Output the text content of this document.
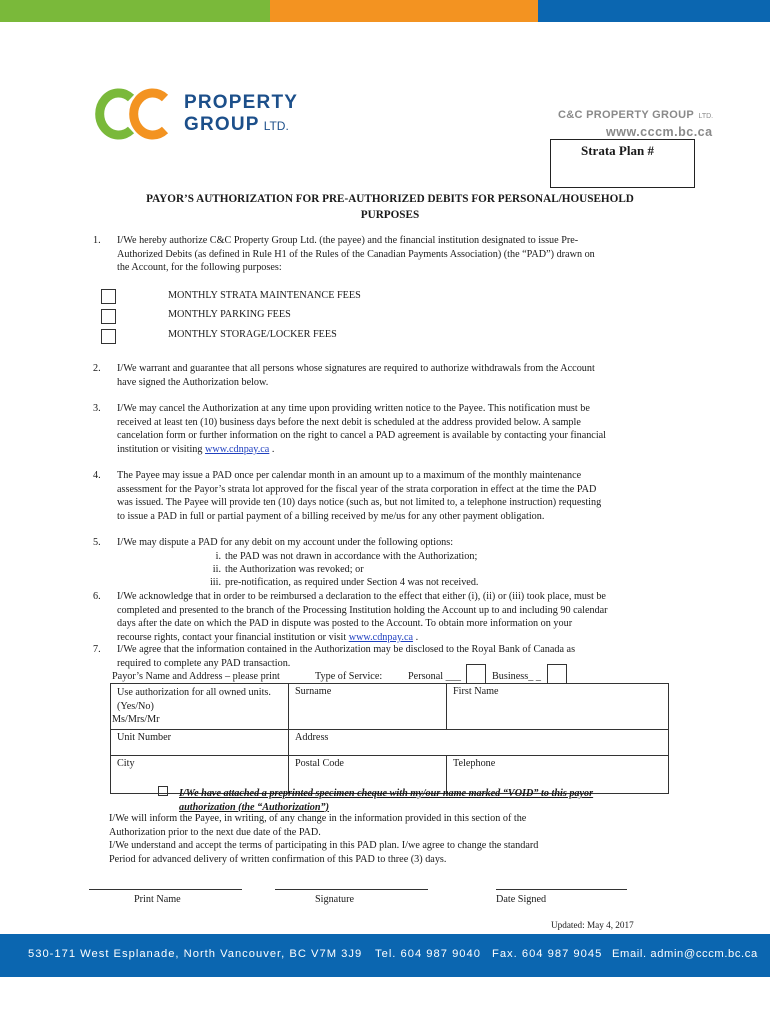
PROPERTY
GROUP LTD.
C&C PROPERTY GROUP LTD.
www.cccm.bc.ca
Strata Plan #
PAYOR’S AUTHORIZATION FOR PRE-AUTHORIZED DEBITS FOR PERSONAL/HOUSEHOLD
PURPOSES
1.	I/We hereby authorize C&C Property Group Ltd. (the payee) and the financial institution designated to issue Pre-
Authorized Debits (as defined in Rule H1 of the Rules of the Canadian Payments Association) (the “PAD”) drawn on
the Account, for the following purposes:
MONTHLY STRATA MAINTENANCE FEES
MONTHLY PARKING FEES
MONTHLY STORAGE/LOCKER FEES
2.	I/We warrant and guarantee that all persons whose signatures are required to authorize withdrawals from the Account
have signed the Authorization below.
3.	I/We may cancel the Authorization at any time upon providing written notice to the Payee. This notification must be
received at least ten (10) business days before the next debit is scheduled at the address provided below. A sample
cancelation form or further information on the right to cancel a PAD agreement is available by contacting your financial
institution or visiting www.cdnpay.ca .
4.	The Payee may issue a PAD once per calendar month in an amount up to a maximum of the monthly maintenance
assessment for the Payor’s strata lot approved for the fiscal year of the strata corporation in effect at the time the PAD
was issued. The Payee will provide ten (10) days notice (such as, but not limited to, a telephone instruction) requesting
to issue a PAD in full or partial payment of a billing received by me/us for any other payment obligation.
5.	I/We may dispute a PAD for any debit on my account under the following options:
i. the PAD was not drawn in accordance with the Authorization;
ii. the Authorization was revoked; or
iii. pre-notification, as required under Section 4 was not received.
6.	I/We acknowledge that in order to be reimbursed a declaration to the effect that either (i), (ii) or (iii) took place, must be
completed and presented to the branch of the Processing Institution holding the Account up to and including 90 calendar
days after the date on which the PAD in dispute was posted to the Account. To obtain more information on your
recourse rights, contact your financial institution or visit www.cdnpay.ca .
7.	I/We agree that the information contained in the Authorization may be disclosed to the Royal Bank of Canada as
required to complete any PAD transaction.
Payor’s Name and Address – please print	Type of Service:	Personal ___	Business_ _
Use authorization for all owned units. (Yes/No)
Ms/Mrs/Mr	Surname	First Name
Unit Number	Address	
City	Postal Code	Telephone
I/We have attached a preprinted specimen cheque with my/our name marked “VOID” to this payor
authorization (the “Authorization”)
I/We will inform the Payee, in writing, of any change in the information provided in this section of the
Authorization prior to the next due date of the PAD.
I/We understand and accept the terms of participating in this PAD plan. I/we agree to change the standard
Period for advanced delivery of written confirmation of this PAD to three (3) days.
Print Name	Signature	Date Signed
Updated: May 4, 2017
530-171 West Esplanade, North Vancouver, BC V7M 3J9 Tel. 604 987 9040 Fax. 604 987 9045 Email. admin@cccm.bc.ca
